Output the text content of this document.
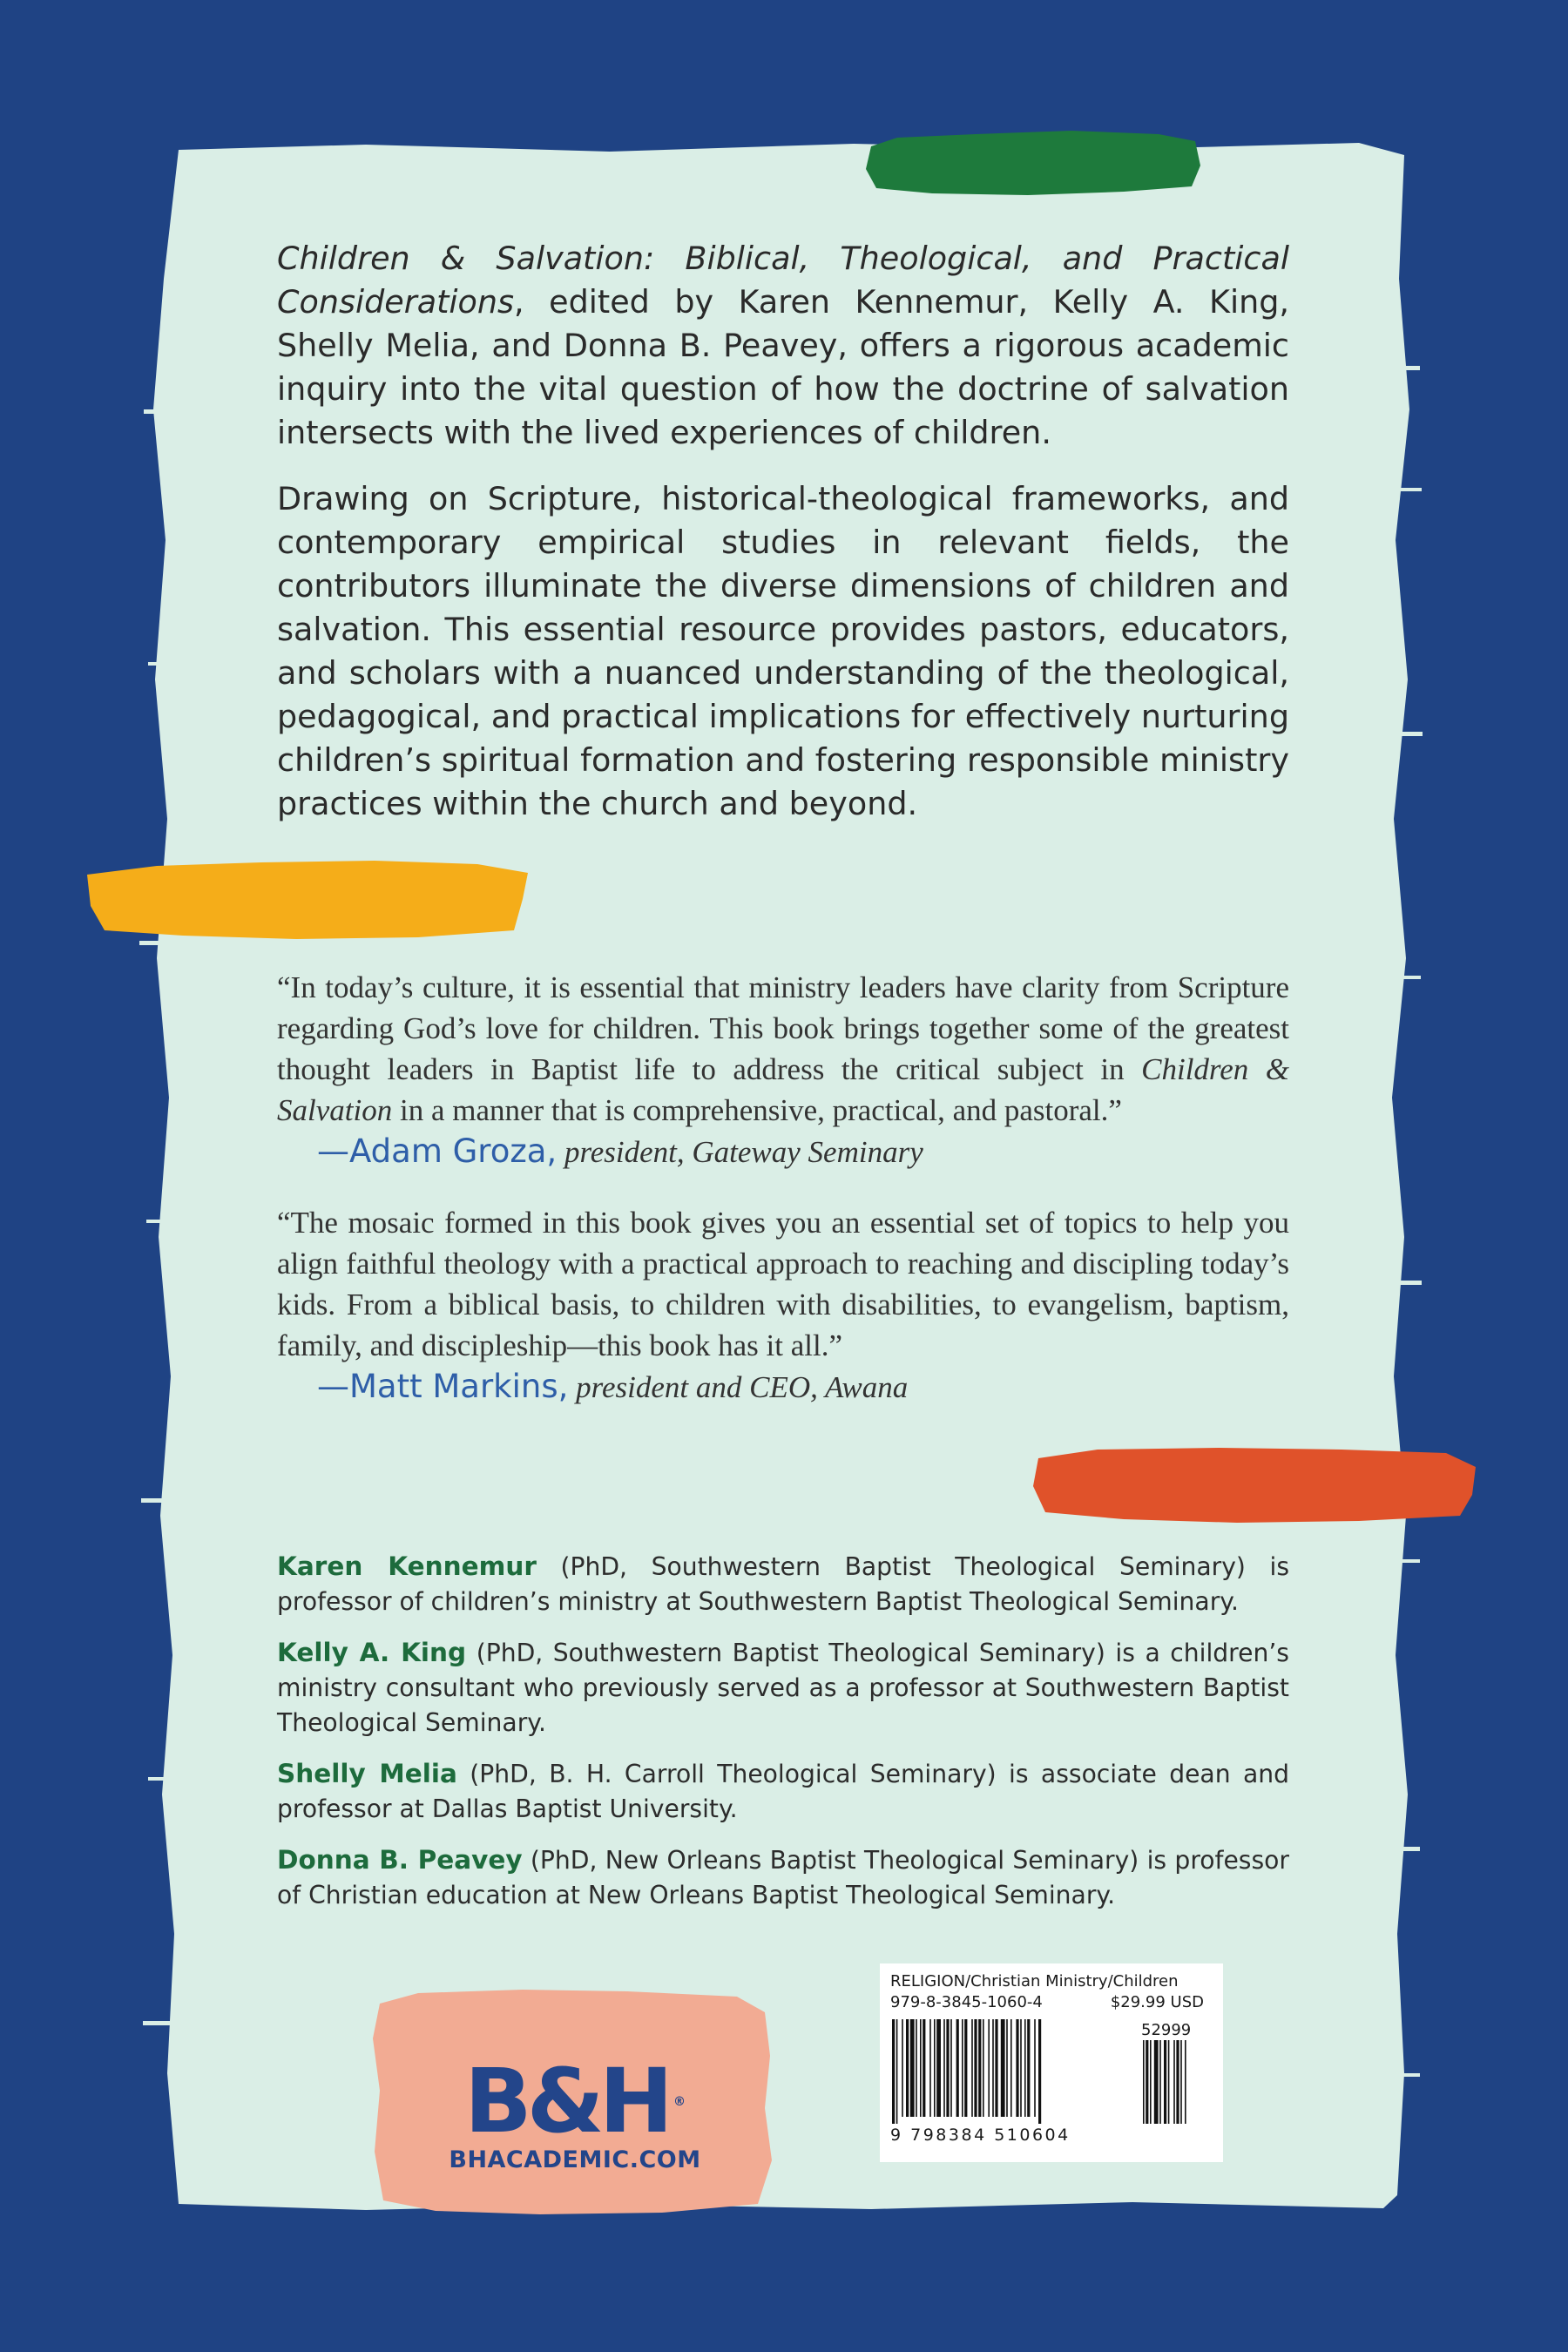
Children & Salvation: Biblical, Theological, and Practical Considerations, edited by Karen Kennemur, Kelly A. King, Shelly Melia, and Donna B. Peavey, offers a rigorous academic inquiry into the vital question of how the doctrine of salvation intersects with the lived experiences of children.

Drawing on Scripture, historical-theological frameworks, and contemporary empirical studies in relevant fields, the contributors illuminate the diverse dimensions of children and salvation. This essential resource provides pastors, educators, and scholars with a nuanced understanding of the theological, pedagogical, and practical implications for effectively nurturing children’s spiritual formation and fostering responsible ministry practices within the church and beyond.

“In today’s culture, it is essential that ministry leaders have clarity from Scripture regarding God’s love for children. This book brings together some of the greatest thought leaders in Baptist life to address the critical subject in Children & Salvation in a manner that is comprehensive, practical, and pastoral.”

—Adam Groza, president, Gateway Seminary

“The mosaic formed in this book gives you an essential set of topics to help you align faithful theology with a practical approach to reaching and discipling today’s kids. From a biblical basis, to children with disabilities, to evangelism, baptism, family, and discipleship—this book has it all.”

—Matt Markins, president and CEO, Awana
Karen Kennemur (PhD, Southwestern Baptist Theological Seminary) is professor of children’s ministry at Southwestern Baptist Theological Seminary.
Kelly A. King (PhD, Southwestern Baptist Theological Seminary) is a children’s ministry consultant who previously served as a professor at Southwestern Baptist Theological Seminary.
Shelly Melia (PhD, B. H. Carroll Theological Seminary) is associate dean and professor at Dallas Baptist University.
Donna B. Peavey (PhD, New Orleans Baptist Theological Seminary) is professor of Christian education at New Orleans Baptist Theological Seminary.
B&H ®
BHACADEMIC.COM
RELIGION/Christian Ministry/Children
979-8-3845-1060-4	$29.99 USD
52999
9 798384 510604
